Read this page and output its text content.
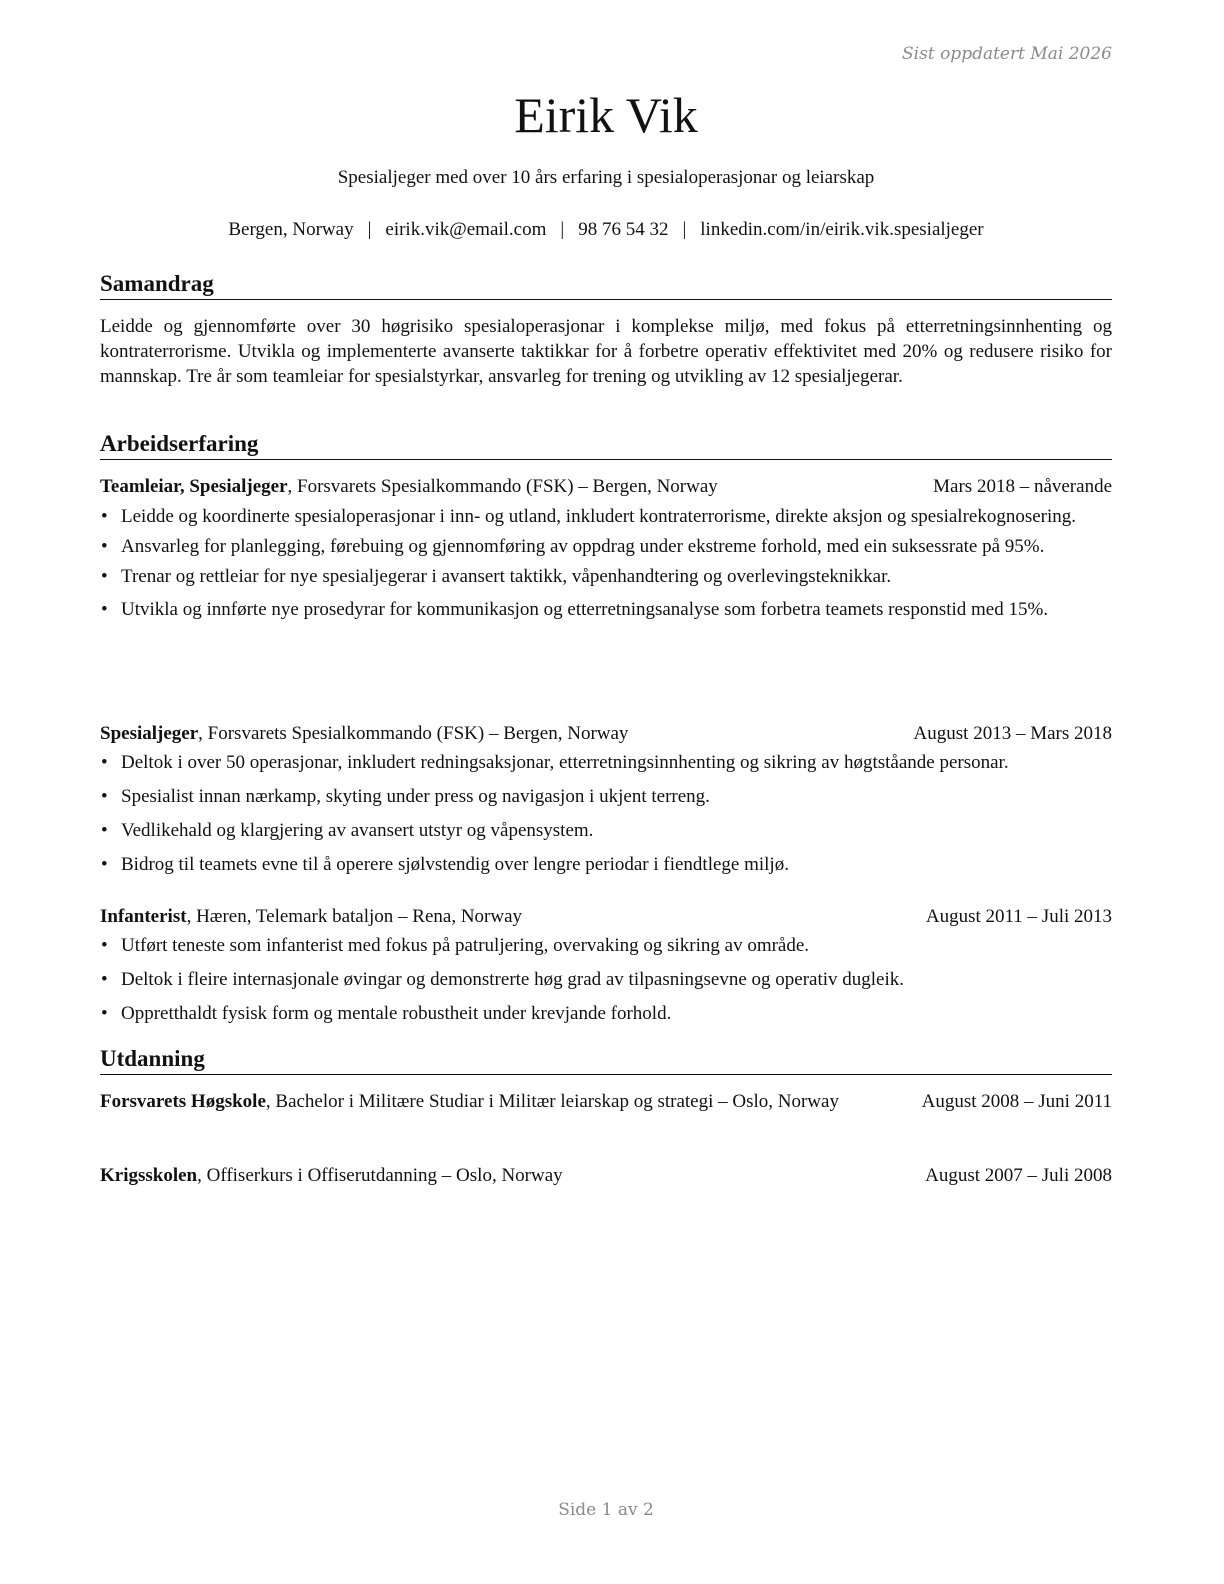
Sist oppdatert Mai 2026
Eirik Vik
Spesialjeger med over 10 års erfaring i spesialoperasjonar og leiarskap
Bergen, Norway | eirik.vik@email.com | 98 76 54 32 | linkedin.com/in/eirik.vik.spesialjeger
Samandrag

Leidde og gjennomførte over 30 høgrisiko spesialoperasjonar i komplekse miljø, med fokus på etterretningsinnhenting og kontraterrorisme. Utvikla og implementerte avanserte taktikkar for å forbetre operativ effektivitet med 20% og redusere risiko for mannskap. Tre år som teamleiar for spesialstyrkar, ansvarleg for trening og utvikling av 12 spesialjegerar.

Arbeidserfaring
Teamleiar, Spesialjeger, Forsvarets Spesialkommando (FSK) – Bergen, Norway	Mars 2018 – nåverande
• Leidde og koordinerte spesialoperasjonar i inn- og utland, inkludert kontraterrorisme, direkte aksjon og spesialrekognosering.
• Ansvarleg for planlegging, førebuing og gjennomføring av oppdrag under ekstreme forhold, med ein suksessrate på 95%.
• Trenar og rettleiar for nye spesialjegerar i avansert taktikk, våpenhandtering og overlevingsteknikkar.
• Utvikla og innførte nye prosedyrar for kommunikasjon og etterretningsanalyse som forbetra teamets responstid med 15%.
Spesialjeger, Forsvarets Spesialkommando (FSK) – Bergen, Norway	August 2013 – Mars 2018
• Deltok i over 50 operasjonar, inkludert redningsaksjonar, etterretningsinnhenting og sikring av høgtståande personar.
• Spesialist innan nærkamp, skyting under press og navigasjon i ukjent terreng.
• Vedlikehald og klargjering av avansert utstyr og våpensystem.
• Bidrog til teamets evne til å operere sjølvstendig over lengre periodar i fiendtlege miljø.
Infanterist, Hæren, Telemark bataljon – Rena, Norway	August 2011 – Juli 2013
• Utført teneste som infanterist med fokus på patruljering, overvaking og sikring av område.
• Deltok i fleire internasjonale øvingar og demonstrerte høg grad av tilpasningsevne og operativ dugleik.
• Oppretthaldt fysisk form og mentale robustheit under krevjande forhold.
Utdanning
Forsvarets Høgskole, Bachelor i Militære Studiar i Militær leiarskap og strategi – Oslo, Norway	August 2008 – Juni 2011
Krigsskolen, Offiserkurs i Offiserutdanning – Oslo, Norway	August 2007 – Juli 2008
Side 1 av 2
